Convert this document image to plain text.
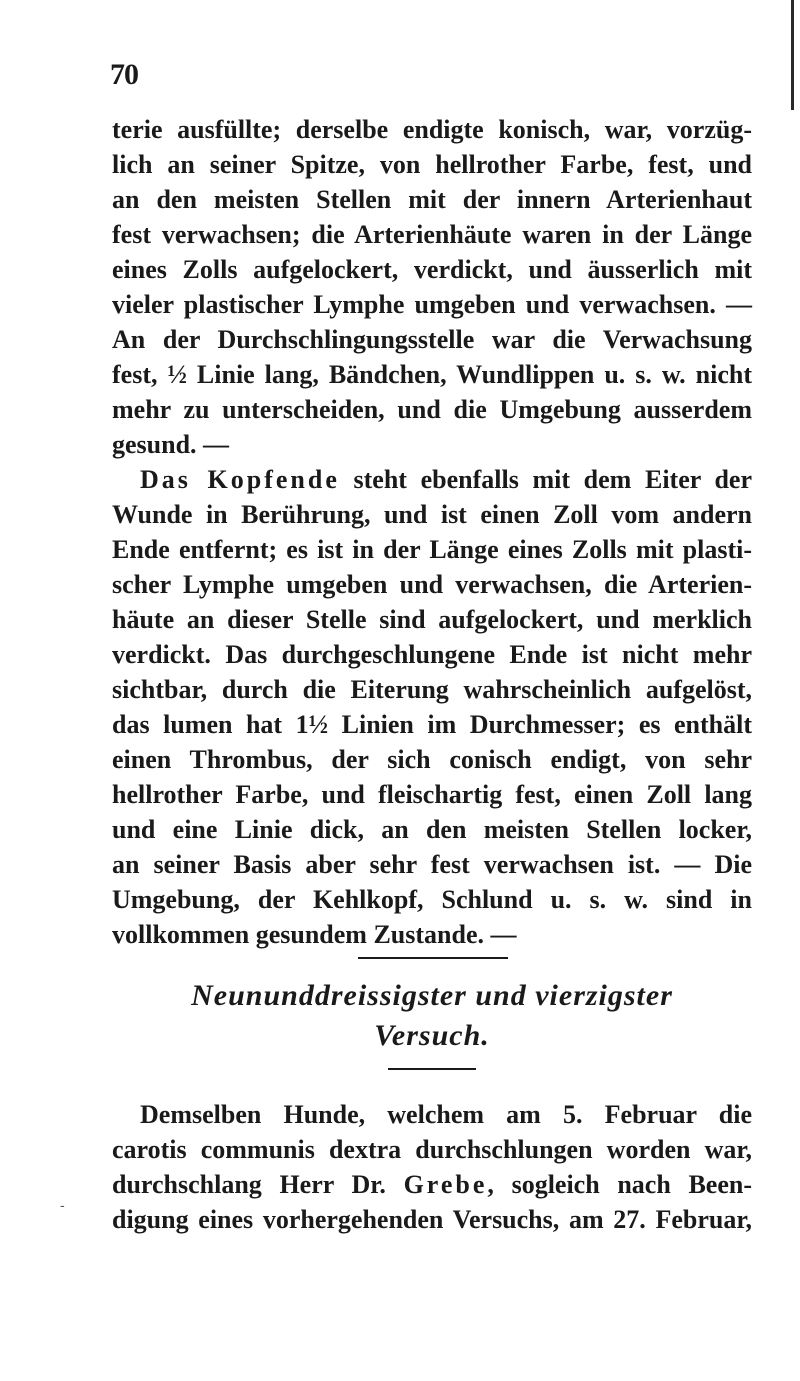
70
terie ausfüllte; derselbe endigte konisch, war, vorzüg-
lich an seiner Spitze, von hellrother Farbe, fest, und
an den meisten Stellen mit der innern Arterienhaut
fest verwachsen; die Arterienhäute waren in der Länge
eines Zolls aufgelockert, verdickt, und äusserlich mit
vieler plastischer Lymphe umgeben und verwachsen. —
An der Durchschlingungsstelle war die Verwachsung
fest, ½ Linie lang, Bändchen, Wundlippen u. s. w. nicht
mehr zu unterscheiden, und die Umgebung ausserdem
gesund. —
Das Kopfende steht ebenfalls mit dem Eiter der
Wunde in Berührung, und ist einen Zoll vom andern
Ende entfernt; es ist in der Länge eines Zolls mit plasti-
scher Lymphe umgeben und verwachsen, die Arterien-
häute an dieser Stelle sind aufgelockert, und merklich
verdickt. Das durchgeschlungene Ende ist nicht mehr
sichtbar, durch die Eiterung wahrscheinlich aufgelöst,
das lumen hat 1½ Linien im Durchmesser; es enthält
einen Thrombus, der sich conisch endigt, von sehr
hellrother Farbe, und fleischartig fest, einen Zoll lang
und eine Linie dick, an den meisten Stellen locker,
an seiner Basis aber sehr fest verwachsen ist. — Die
Umgebung, der Kehlkopf, Schlund u. s. w. sind in
vollkommen gesundem Zustande. —
Neununddreissigster und vierzigster
Versuch.
Demselben Hunde, welchem am 5. Februar die
carotis communis dextra durchschlungen worden war,
durchschlang Herr Dr. Grebe, sogleich nach Been-
digung eines vorhergehenden Versuchs, am 27. Februar,
-
